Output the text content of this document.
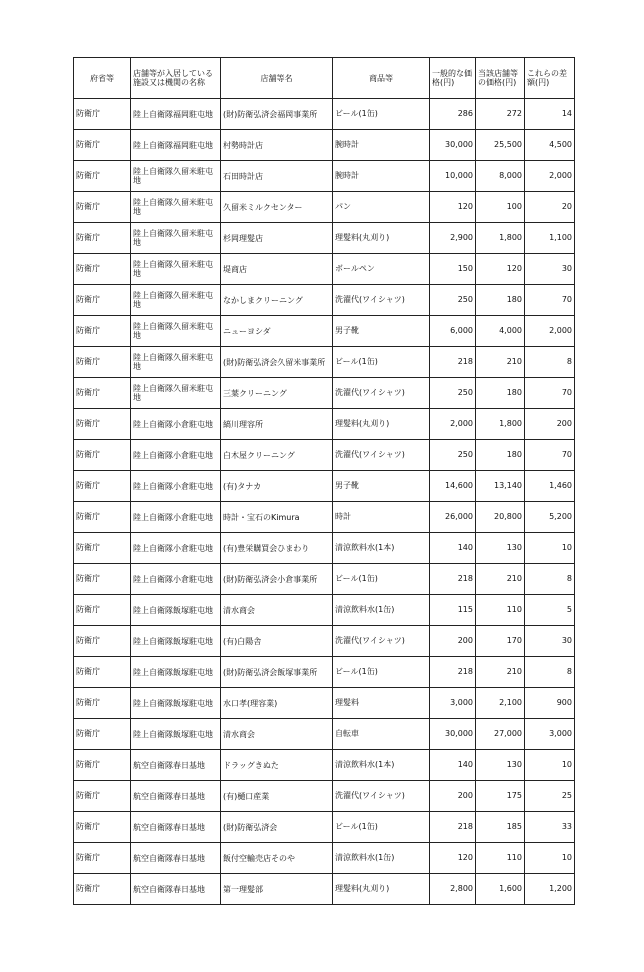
府省等	店舗等が入居している施設又は機関の名称	店舗等名	商品等	一般的な価格(円)	当該店舗等の価格(円)	これらの差額(円)
防衛庁	陸上自衛隊福岡駐屯地	(財)防衛弘済会福岡事業所	ビール(1缶)	286	272	14
防衛庁	陸上自衛隊福岡駐屯地	村勢時計店	腕時計	30,000	25,500	4,500
防衛庁	陸上自衛隊久留米駐屯地	石田時計店	腕時計	10,000	8,000	2,000
防衛庁	陸上自衛隊久留米駐屯地	久留米ミルクセンター	パン	120	100	20
防衛庁	陸上自衛隊久留米駐屯地	杉岡理髪店	理髪料(丸刈り)	2,900	1,800	1,100
防衛庁	陸上自衛隊久留米駐屯地	堤商店	ボールペン	150	120	30
防衛庁	陸上自衛隊久留米駐屯地	なかしまクリーニング	洗濯代(ワイシャツ)	250	180	70
防衛庁	陸上自衛隊久留米駐屯地	ニューヨシダ	男子靴	6,000	4,000	2,000
防衛庁	陸上自衛隊久留米駐屯地	(財)防衛弘済会久留米事業所	ビール(1缶)	218	210	8
防衛庁	陸上自衛隊久留米駐屯地	三葉クリーニング	洗濯代(ワイシャツ)	250	180	70
防衛庁	陸上自衛隊小倉駐屯地	縞川理容所	理髪料(丸刈り)	2,000	1,800	200
防衛庁	陸上自衛隊小倉駐屯地	白木屋クリーニング	洗濯代(ワイシャツ)	250	180	70
防衛庁	陸上自衛隊小倉駐屯地	(有)タナカ	男子靴	14,600	13,140	1,460
防衛庁	陸上自衛隊小倉駐屯地	時計・宝石のKimura	時計	26,000	20,800	5,200
防衛庁	陸上自衛隊小倉駐屯地	(有)豊栄購買会ひまわり	清涼飲料水(1本)	140	130	10
防衛庁	陸上自衛隊小倉駐屯地	(財)防衛弘済会小倉事業所	ビール(1缶)	218	210	8
防衛庁	陸上自衛隊飯塚駐屯地	清水商会	清涼飲料水(1缶)	115	110	5
防衛庁	陸上自衛隊飯塚駐屯地	(有)白陽舎	洗濯代(ワイシャツ)	200	170	30
防衛庁	陸上自衛隊飯塚駐屯地	(財)防衛弘済会飯塚事業所	ビール(1缶)	218	210	8
防衛庁	陸上自衛隊飯塚駐屯地	水口孝(理容業)	理髪料	3,000	2,100	900
防衛庁	陸上自衛隊飯塚駐屯地	清水商会	自転車	30,000	27,000	3,000
防衛庁	航空自衛隊春日基地	ドラッグきぬた	清涼飲料水(1本)	140	130	10
防衛庁	航空自衛隊春日基地	(有)樋口産業	洗濯代(ワイシャツ)	200	175	25
防衛庁	航空自衛隊春日基地	(財)防衛弘済会	ビール(1缶)	218	185	33
防衛庁	航空自衛隊春日基地	飯付空輸売店そのや	清涼飲料水(1缶)	120	110	10
防衛庁	航空自衛隊春日基地	第一理髪部	理髪料(丸刈り)	2,800	1,600	1,200
